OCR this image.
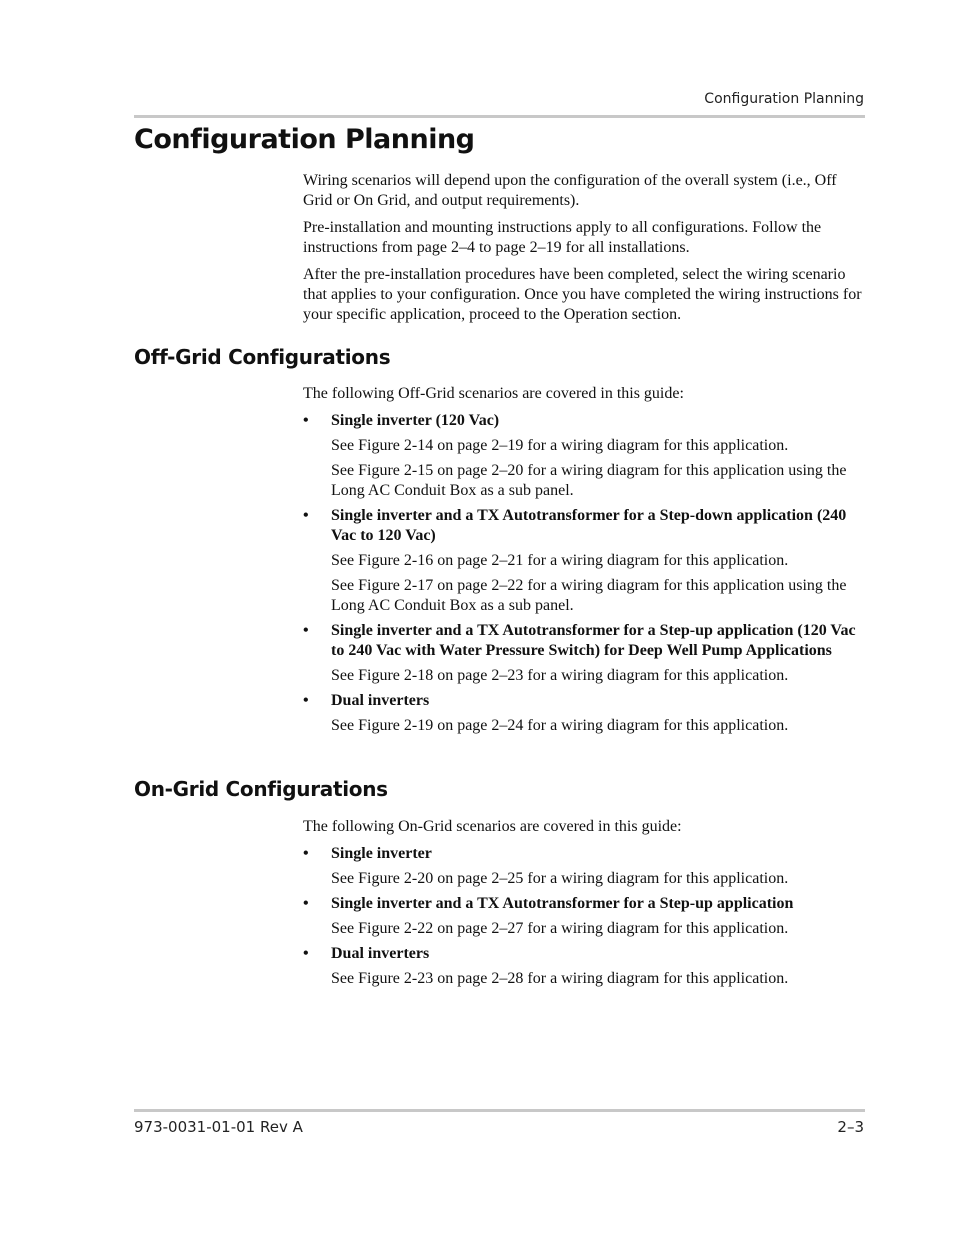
Configuration Planning
Configuration Planning

Wiring scenarios will depend upon the configuration of the overall system (i.e., Off Grid or On Grid, and output requirements).

Pre-installation and mounting instructions apply to all configurations. Follow the instructions from page 2–4 to page 2–19 for all installations.

After the pre-installation procedures have been completed, select the wiring scenario that applies to your configuration. Once you have completed the wiring instructions for your specific application, proceed to the Operation section.

Off-Grid Configurations

The following Off-Grid scenarios are covered in this guide:

• Single inverter (120 Vac)
See Figure 2-14 on page 2–19 for a wiring diagram for this application.
See Figure 2-15 on page 2–20 for a wiring diagram for this application using the Long AC Conduit Box as a sub panel.
• Single inverter and a TX Autotransformer for a Step-down application (240 Vac to 120 Vac)
See Figure 2-16 on page 2–21 for a wiring diagram for this application.
See Figure 2-17 on page 2–22 for a wiring diagram for this application using the Long AC Conduit Box as a sub panel.
• Single inverter and a TX Autotransformer for a Step-up application (120 Vac to 240 Vac with Water Pressure Switch) for Deep Well Pump Applications
See Figure 2-18 on page 2–23 for a wiring diagram for this application.
• Dual inverters
See Figure 2-19 on page 2–24 for a wiring diagram for this application.
On-Grid Configurations

The following On-Grid scenarios are covered in this guide:

• Single inverter
See Figure 2-20 on page 2–25 for a wiring diagram for this application.
• Single inverter and a TX Autotransformer for a Step-up application
See Figure 2-22 on page 2–27 for a wiring diagram for this application.
• Dual inverters
See Figure 2-23 on page 2–28 for a wiring diagram for this application.
973-0031-01-01 Rev A	2–3
